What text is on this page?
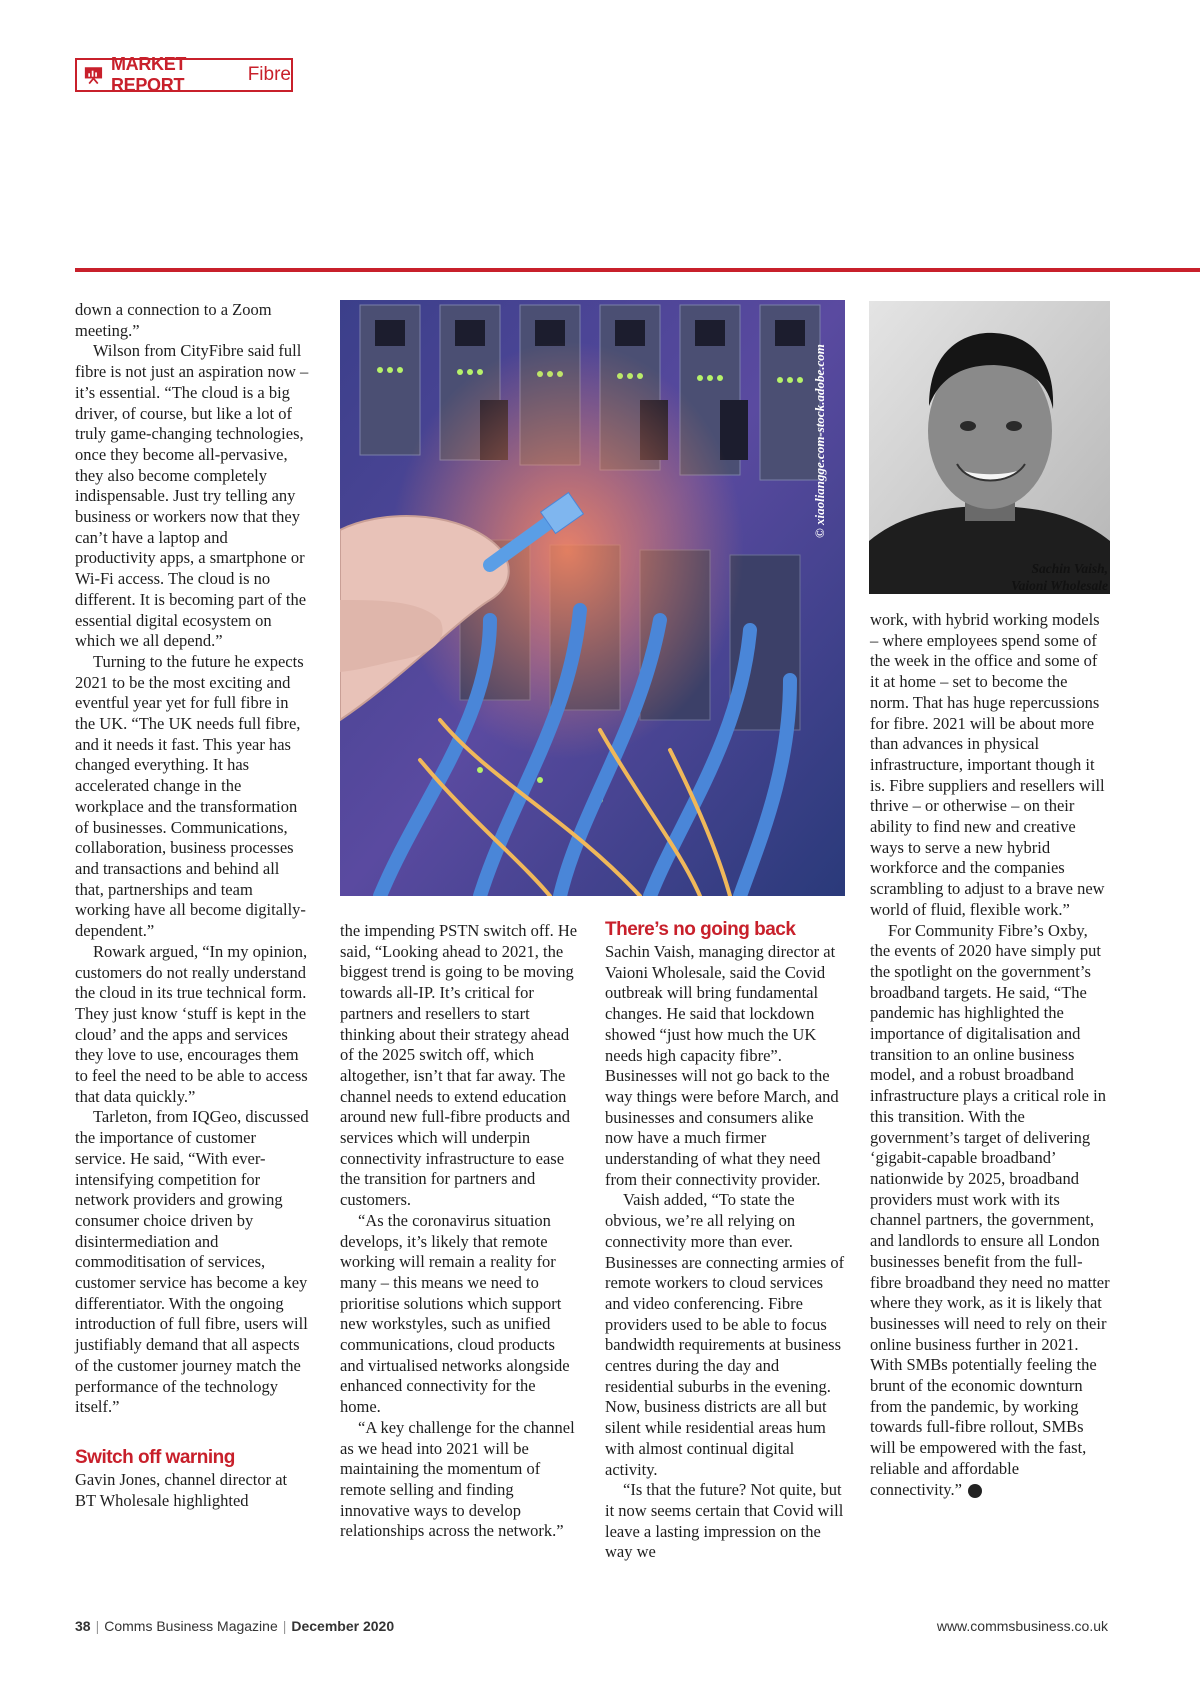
MARKET REPORT	Fibre

down a connection to a Zoom meeting.”

Wilson from CityFibre said full fibre is not just an aspiration now – it’s essential. “The cloud is a big driver, of course, but like a lot of truly game-changing technologies, once they become all-pervasive, they also become completely indispensable. Just try telling any business or workers now that they can’t have a laptop and productivity apps, a smartphone or Wi-Fi access. The cloud is no different. It is becoming part of the essential digital ecosystem on which we all depend.”

Turning to the future he expects 2021 to be the most exciting and eventful year yet for full fibre in the UK. “The UK needs full fibre, and it needs it fast. This year has changed everything. It has accelerated change in the workplace and the transformation of businesses. Communications, collaboration, business processes and transactions and behind all that, partnerships and team working have all become digitally-dependent.”

Rowark argued, “In my opinion, customers do not really understand the cloud in its true technical form. They just know ‘stuff is kept in the cloud’ and the apps and services they love to use, encourages them to feel the need to be able to access that data quickly.”

Tarleton, from IQGeo, discussed the importance of customer service. He said, “With ever-intensifying competition for network providers and growing consumer choice driven by disintermediation and commoditisation of services, customer service has become a key differentiator. With the ongoing introduction of full fibre, users will justifiably demand that all aspects of the customer journey match the performance of the technology itself.”

Switch off warning

Gavin Jones, channel director at BT Wholesale highlighted

© xiaoliangge.com-stock.adobe.com
Sachin Vaish,
Vaioni Wholesale

the impending PSTN switch off. He said, “Looking ahead to 2021, the biggest trend is going to be moving towards all-IP. It’s critical for partners and resellers to start thinking about their strategy ahead of the 2025 switch off, which altogether, isn’t that far away. The channel needs to extend education around new full-fibre products and services which will underpin connectivity infrastructure to ease the transition for partners and customers.

“As the coronavirus situation develops, it’s likely that remote working will remain a reality for many – this means we need to prioritise solutions which support new workstyles, such as unified communications, cloud products and virtualised networks alongside enhanced connectivity for the home.

“A key challenge for the channel as we head into 2021 will be maintaining the momentum of remote selling and finding innovative ways to develop relationships across the network.”

There’s no going back

Sachin Vaish, managing director at Vaioni Wholesale, said the Covid outbreak will bring fundamental changes. He said that lockdown showed “just how much the UK needs high capacity fibre”. Businesses will not go back to the way things were before March, and businesses and consumers alike now have a much firmer understanding of what they need from their connectivity provider.

Vaish added, “To state the obvious, we’re all relying on connectivity more than ever. Businesses are connecting armies of remote workers to cloud services and video conferencing. Fibre providers used to be able to focus bandwidth requirements at business centres during the day and residential suburbs in the evening. Now, business districts are all but silent while residential areas hum with almost continual digital activity.

“Is that the future? Not quite, but it now seems certain that Covid will leave a lasting impression on the way we

work, with hybrid working models – where employees spend some of the week in the office and some of it at home – set to become the norm. That has huge repercussions for fibre. 2021 will be about more than advances in physical infrastructure, important though it is. Fibre suppliers and resellers will thrive – or otherwise – on their ability to find new and creative ways to serve a new hybrid workforce and the companies scrambling to adjust to a brave new world of fluid, flexible work.”

For Community Fibre’s Oxby, the events of 2020 have simply put the spotlight on the government’s broadband targets. He said, “The pandemic has highlighted the importance of digitalisation and transition to an online business model, and a robust broadband infrastructure plays a critical role in this transition. With the government’s target of delivering ‘gigabit-capable broadband’ nationwide by 2025, broadband providers must work with its channel partners, the government, and landlords to ensure all London businesses benefit from the full-fibre broadband they need no matter where they work, as it is likely that businesses will need to rely on their online business further in 2021. With SMBs potentially feeling the brunt of the economic downturn from the pandemic, by working towards full-fibre rollout, SMBs will be empowered with the fast, reliable and affordable connectivity.”	CB

38 | Comms Business Magazine | December 2020	www.commsbusiness.co.uk
